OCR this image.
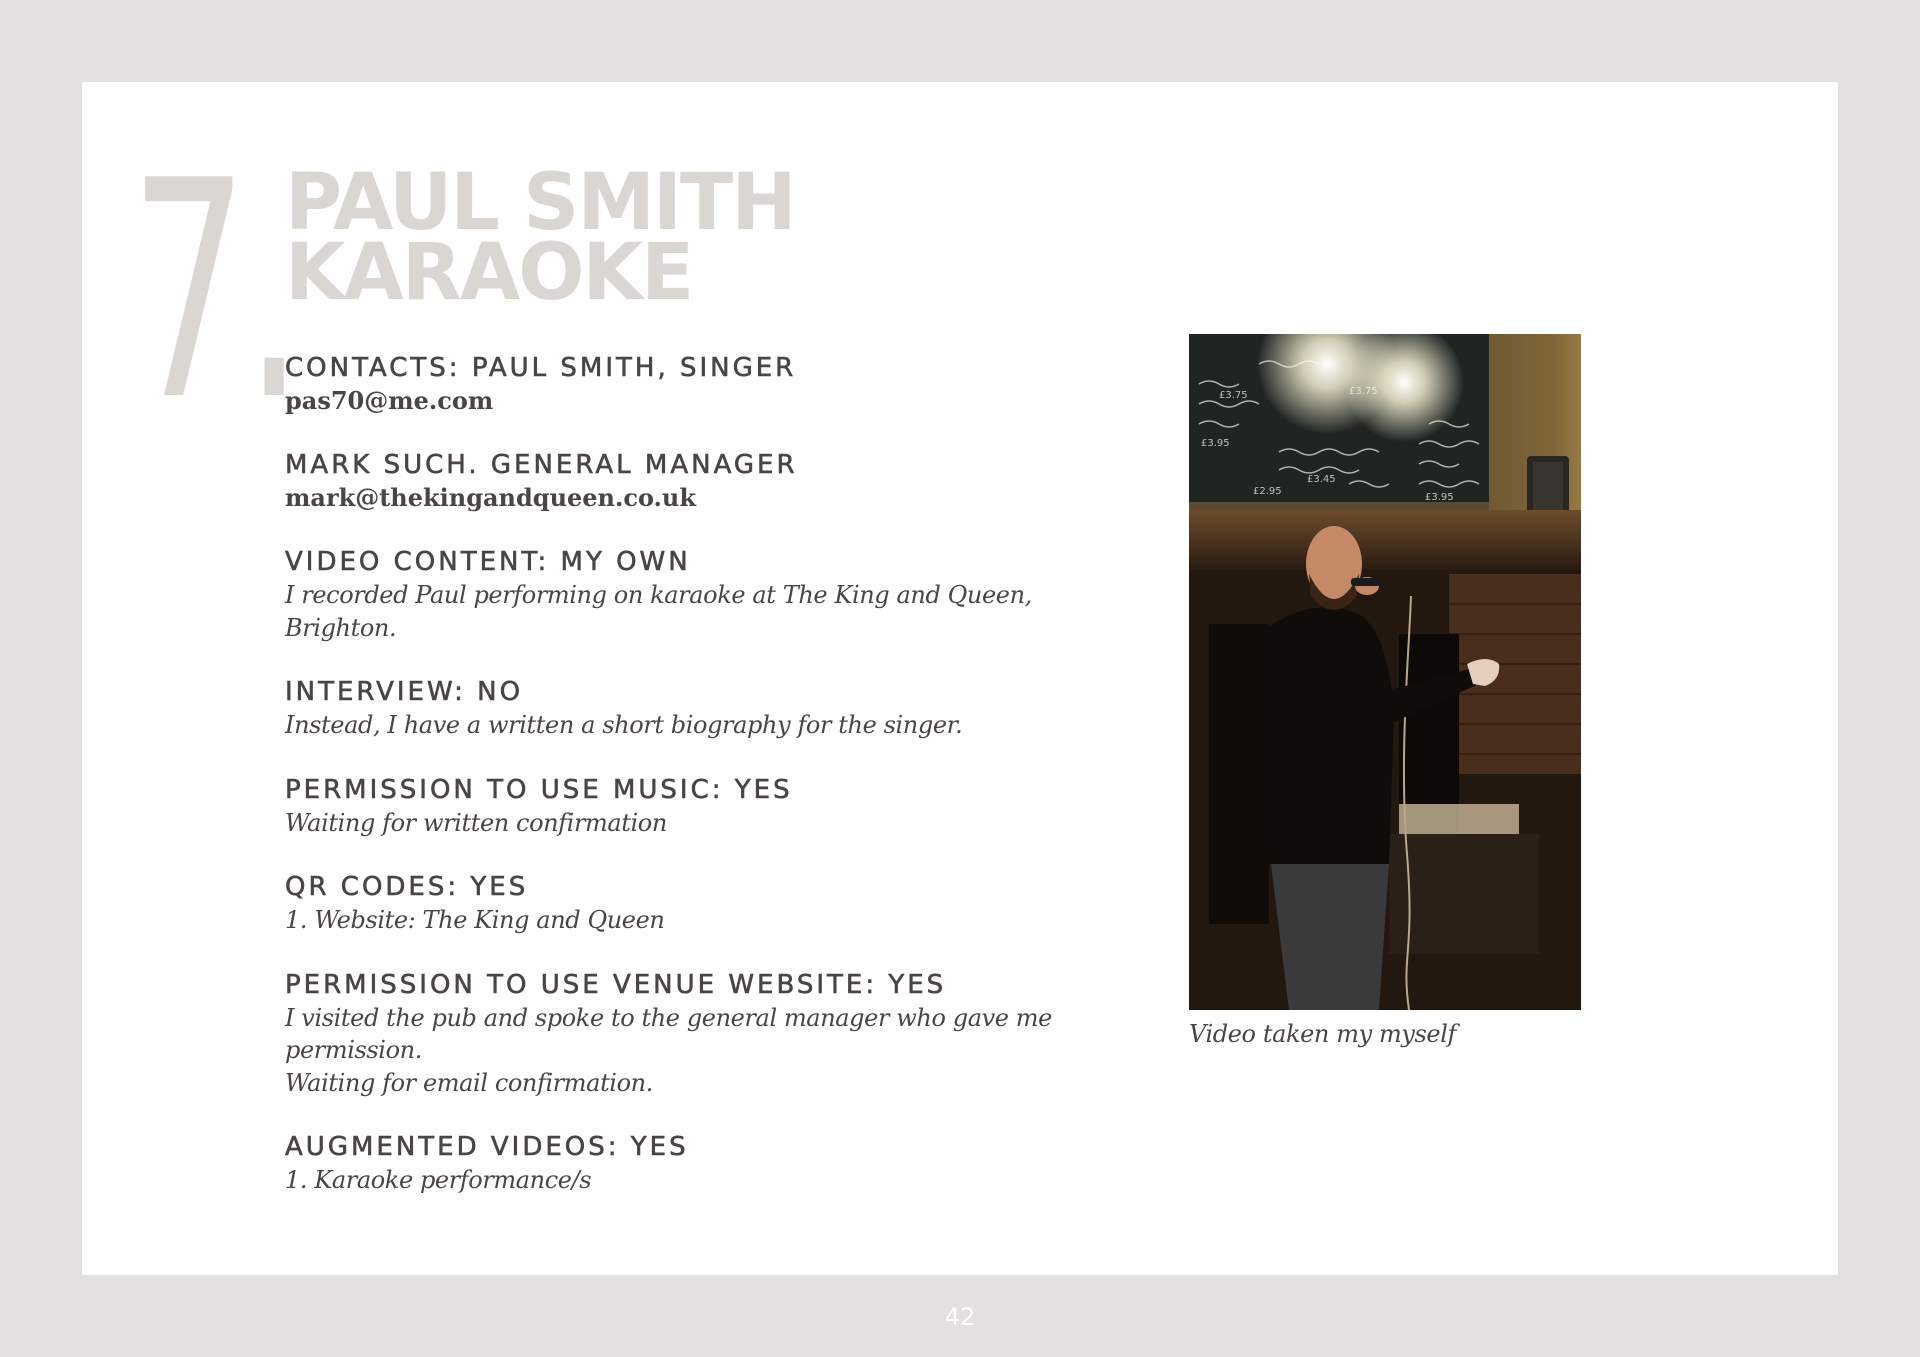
7.
PAUL SMITH
KARAOKE
CONTACTS: PAUL SMITH, SINGER

pas70@me.com

MARK SUCH. GENERAL MANAGER

mark@thekingandqueen.co.uk

VIDEO CONTENT: MY OWN

I recorded Paul performing on karaoke at The King and Queen,

Brighton.

INTERVIEW: NO

Instead, I have a written a short biography for the singer.

PERMISSION TO USE MUSIC: YES

Waiting for written confirmation

QR CODES: YES

1. Website: The King and Queen

PERMISSION TO USE VENUE WEBSITE: YES

I visited the pub and spoke to the general manager who gave me

permission.

Waiting for email confirmation.

AUGMENTED VIDEOS: YES

1. Karaoke performance/s

£3.95
£3.75
£3.45
£3.95
£2.95

Video taken my myself

42
